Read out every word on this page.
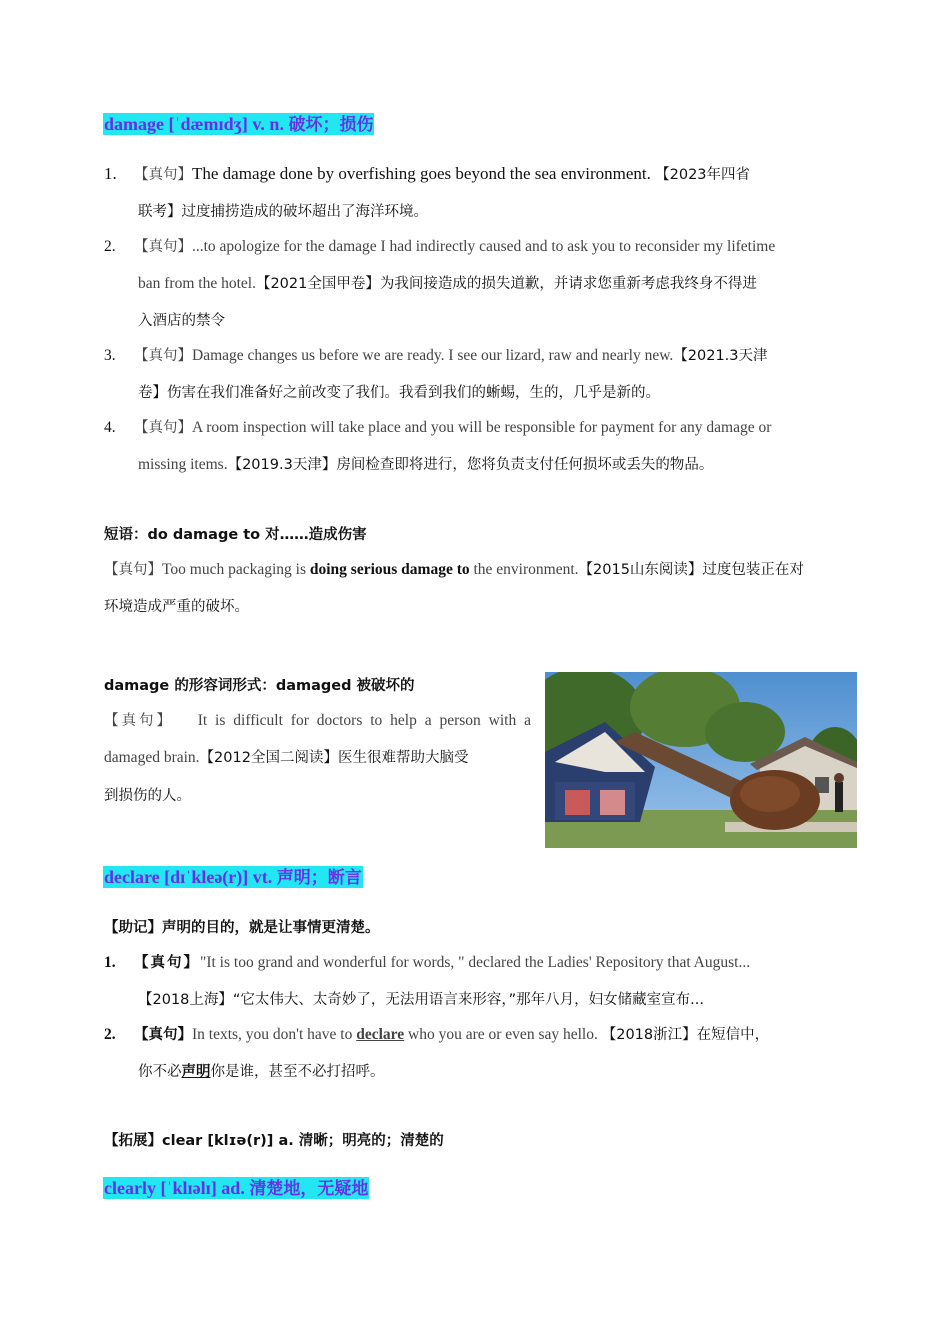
damage [ˈdæmɪdʒ] v. n. 破坏；损伤
1. 【真句】The damage done by overfishing goes beyond the sea environment. 【2023年四省
联考】过度捕捞造成的破坏超出了海洋环境。
2. 【真句】...to apologize for the damage I had indirectly caused and to ask you to reconsider my lifetime
ban from the hotel.【2021全国甲卷】为我间接造成的损失道歉，并请求您重新考虑我终身不得进
入酒店的禁令
3. 【真句】Damage changes us before we are ready. I see our lizard, raw and nearly new.【2021.3天津
卷】伤害在我们准备好之前改变了我们。我看到我们的蜥蜴，生的，几乎是新的。
4. 【真句】A room inspection will take place and you will be responsible for payment for any damage or
missing items.【2019.3天津】房间检查即将进行，您将负责支付任何损坏或丢失的物品。
短语：do damage to 对……造成伤害
【真句】Too much packaging is doing serious damage to the environment.【2015山东阅读】过度包装正在对
环境造成严重的破坏。
damage 的形容词形式：damaged 被破坏的
【真句】 It is difficult for doctors to help a person with a
damaged brain.【2012全国二阅读】医生很难帮助大脑受
到损伤的人。
declare [dɪˈkleə(r)] vt. 声明；断言
【助记】声明的目的，就是让事情更清楚。
1. 【真句】"It is too grand and wonderful for words, " declared the Ladies' Repository that August...
【2018上海】“它太伟大、太奇妙了，无法用语言来形容，”那年八月，妇女储藏室宣布...
2. 【真句】In texts, you don't have to declare who you are or even say hello. 【2018浙江】在短信中，
你不必声明你是谁，甚至不必打招呼。
【拓展】clear [klɪə(r)] a. 清晰；明亮的；清楚的
clearly [ˈklɪəlɪ] ad. 清楚地，无疑地
